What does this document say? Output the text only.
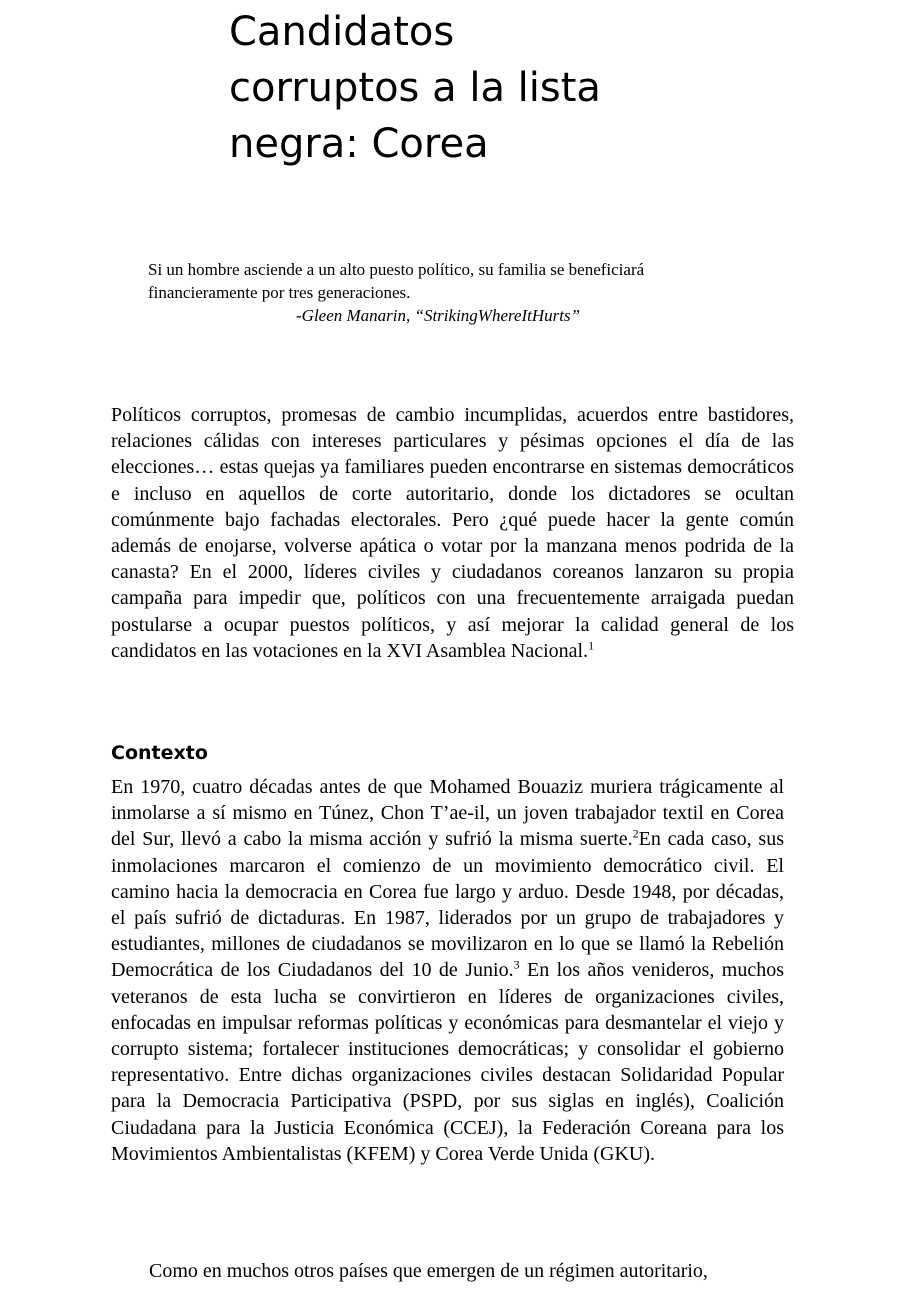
Candidatos
corruptos a la lista
negra: Corea
Si un hombre asciende a un alto puesto político, su familia se beneficiará
financieramente por tres generaciones.
-Gleen Manarin, “StrikingWhereItHurts”

Políticos corruptos, promesas de cambio incumplidas, acuerdos entre bastidores, relaciones cálidas con intereses particulares y pésimas opciones el día de las elecciones… estas quejas ya familiares pueden encontrarse en sistemas democráticos e incluso en aquellos de corte autoritario, donde los dictadores se ocultan comúnmente bajo fachadas electorales. Pero ¿qué puede hacer la gente común además de enojarse, volverse apática o votar por la manzana menos podrida de la canasta? En el 2000, líderes civiles y ciudadanos coreanos lanzaron su propia campaña para impedir que, políticos con una frecuentemente arraigada puedan postularse a ocupar puestos políticos, y así mejorar la calidad general de los candidatos en las votaciones en la XVI Asamblea Nacional.$^1$

Contexto

En 1970, cuatro décadas antes de que Mohamed Bouaziz muriera trágicamente al inmolarse a sí mismo en Túnez, Chon T’ae-il, un joven trabajador textil en Corea del Sur, llevó a cabo la misma acción y sufrió la misma suerte.$^2$En cada caso, sus inmolaciones marcaron el comienzo de un movimiento democrático civil. El camino hacia la democracia en Corea fue largo y arduo. Desde 1948, por décadas, el país sufrió de dictaduras. En 1987, liderados por un grupo de trabajadores y estudiantes, millones de ciudadanos se movilizaron en lo que se llamó la Rebelión Democrática de los Ciudadanos del 10 de Junio.$^3$ En los años venideros, muchos veteranos de esta lucha se convirtieron en líderes de organizaciones civiles, enfocadas en impulsar reformas políticas y económicas para desmantelar el viejo y corrupto sistema; fortalecer instituciones democráticas; y consolidar el gobierno representativo. Entre dichas organizaciones civiles destacan Solidaridad Popular para la Democracia Participativa (PSPD, por sus siglas en inglés), Coalición Ciudadana para la Justicia Económica (CCEJ), la Federación Coreana para los Movimientos Ambientalistas (KFEM) y Corea Verde Unida (GKU).

Como en muchos otros países que emergen de un régimen autoritario,
